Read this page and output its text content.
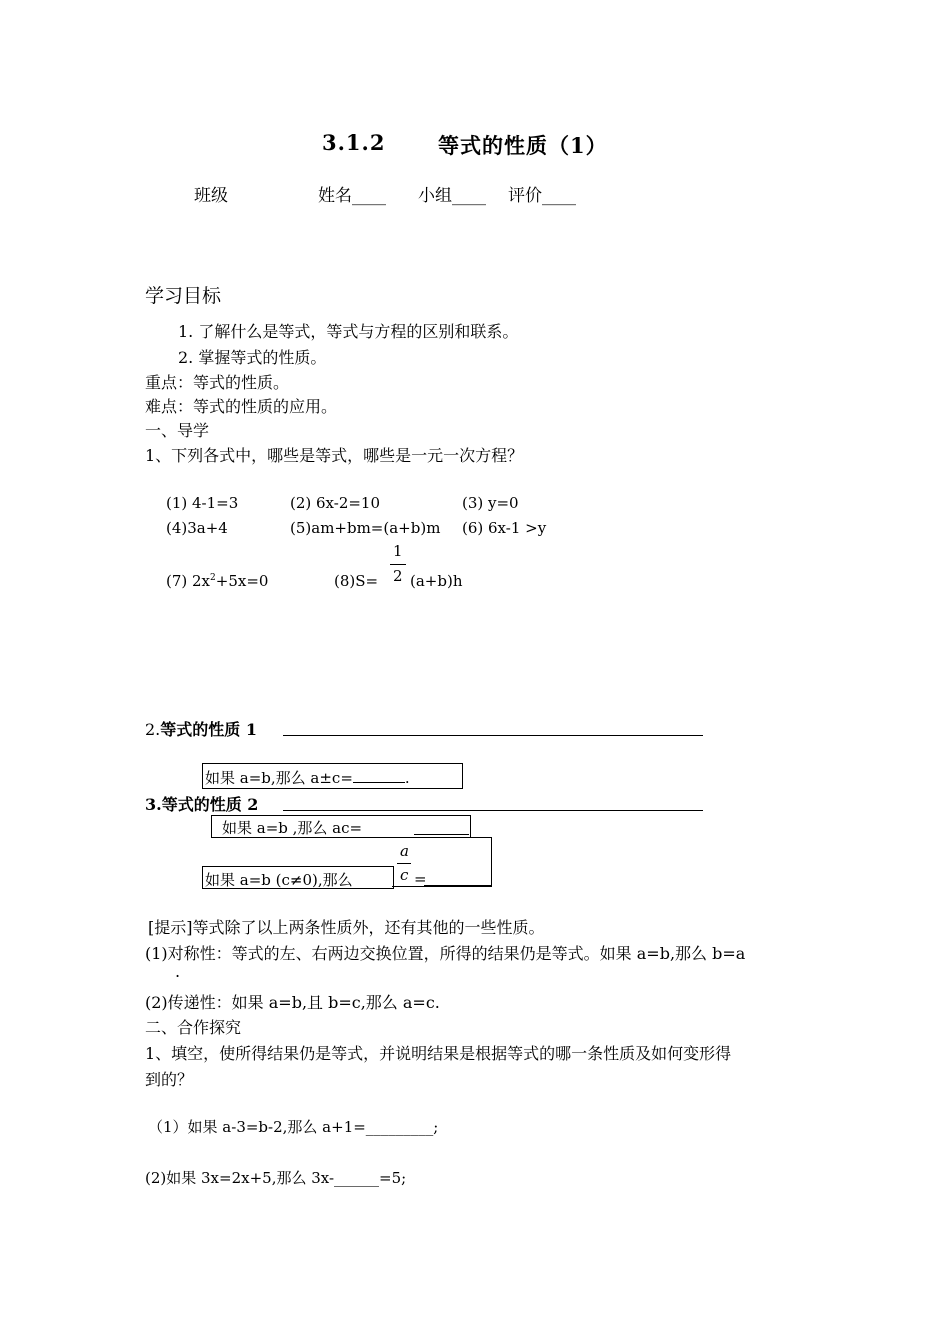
3.1.2	等式的性质（1）
班级	姓名____ 小组____ 评价____
学习目标
1. 了解什么是等式，等式与方程的区别和联系。
2. 掌握等式的性质。
重点：等式的性质。
难点：等式的性质的应用。
一、导学
1、下列各式中，哪些是等式，哪些是一元一次方程？
(1) 4-1=3	(2) 6x-2=10	(3) y=0
(4)3a+4	(5)am+bm=(a+b)m (6) 6x-1 >y
(7) $2x^2+5x=0$	(8)S=
1
2 (a+b)h
2.等式的性质 1
如果 a=b,那么 a±c=	.
3.等式的性质 2
如果 a=b ,那么 ac=
如果 a=b (c≠0),那么
a
c =
[提示]等式除了以上两条性质外，还有其他的一些性质。
(1)对称性：等式的左、右两边交换位置，所得的结果仍是等式。如果 a=b,那么 b=a
.
(2)传递性：如果 a=b,且 b=c,那么 a=c.
二、合作探究
1、填空，使所得结果仍是等式，并说明结果是根据等式的哪一条性质及如何变形得
到的？
（1）如果 a-3=b-2,那么 a+1=_________;
(2)如果 3x=2x+5,那么 3x-______=5;
